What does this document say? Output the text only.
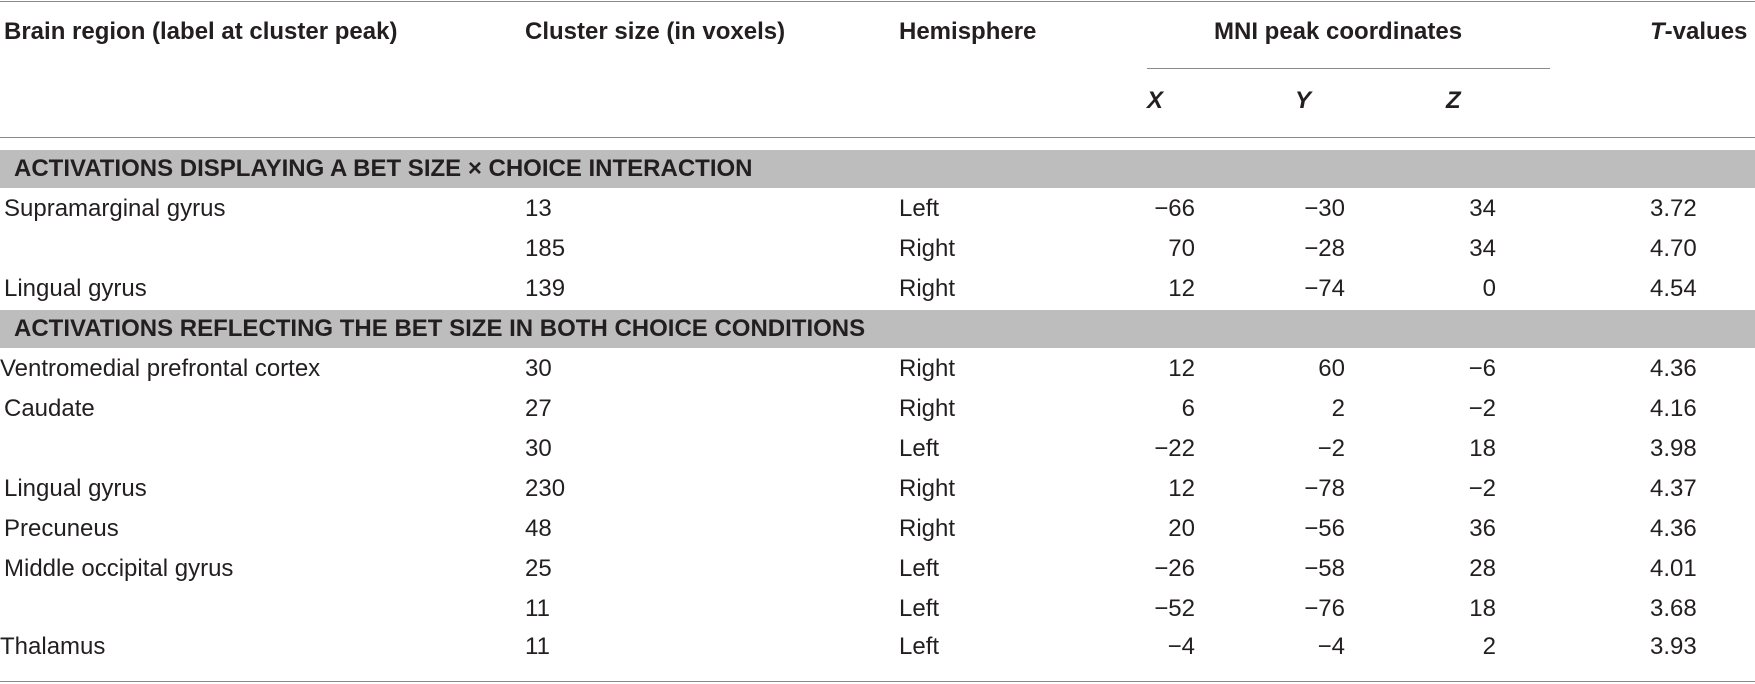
Brain region (label at cluster peak)	Cluster size (in voxels)	Hemisphere	MNI peak coordinates	T-values
X	Y	Z
ACTIVATIONS DISPLAYING A BET SIZE × CHOICE INTERACTION
Supramarginal gyrus	13	Left	−66	−30	34	3.72
185	Right	70	−28	34	4.70
Lingual gyrus	139	Right	12	−74	0	4.54
ACTIVATIONS REFLECTING THE BET SIZE IN BOTH CHOICE CONDITIONS
Ventromedial prefrontal cortex	30	Right	12	60	−6	4.36
Caudate	27	Right	6	2	−2	4.16
30	Left	−22	−2	18	3.98
Lingual gyrus	230	Right	12	−78	−2	4.37
Precuneus	48	Right	20	−56	36	4.36
Middle occipital gyrus	25	Left	−26	−58	28	4.01
11	Left	−52	−76	18	3.68
Thalamus	11	Left	−4	−4	2	3.93
